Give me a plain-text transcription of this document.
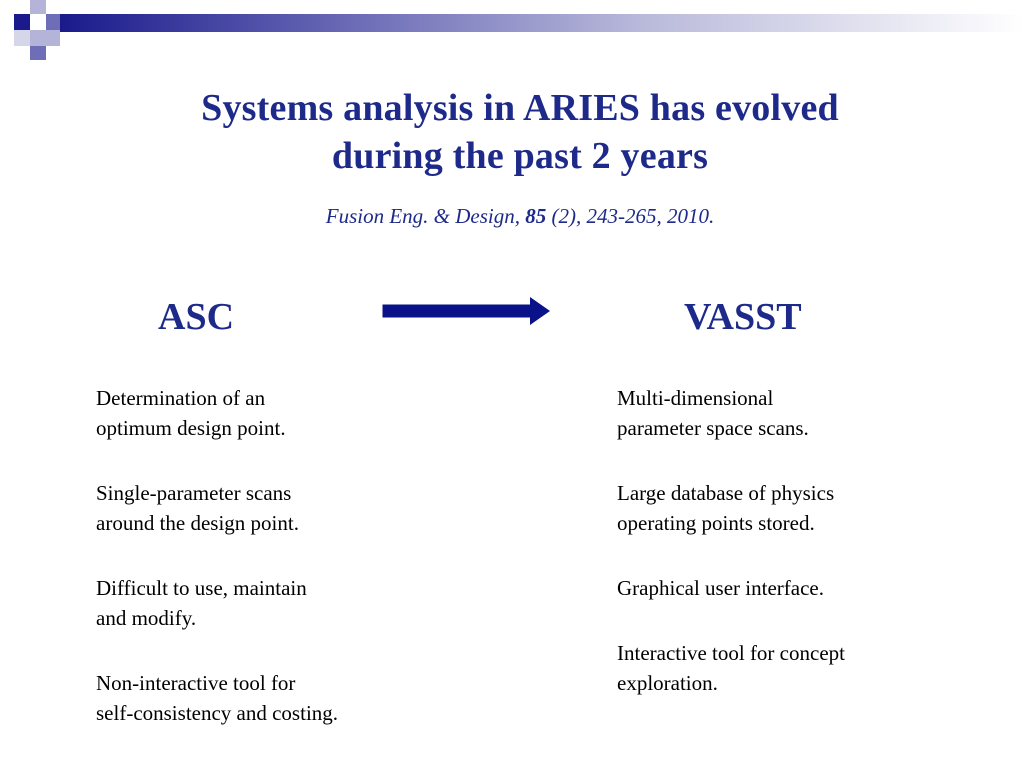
Systems analysis in ARIES has evolved
during the past 2 years
Fusion Eng. & Design, 85 (2), 243-265, 2010.
ASC	VASST

Determination of an
optimum design point.

Single-parameter scans
around the design point.

Difficult to use, maintain
and modify.

Non-interactive tool for
self-consistency and costing.

Multi-dimensional
parameter space scans.

Large database of physics
operating points stored.

Graphical user interface.

Interactive tool for concept
exploration.
